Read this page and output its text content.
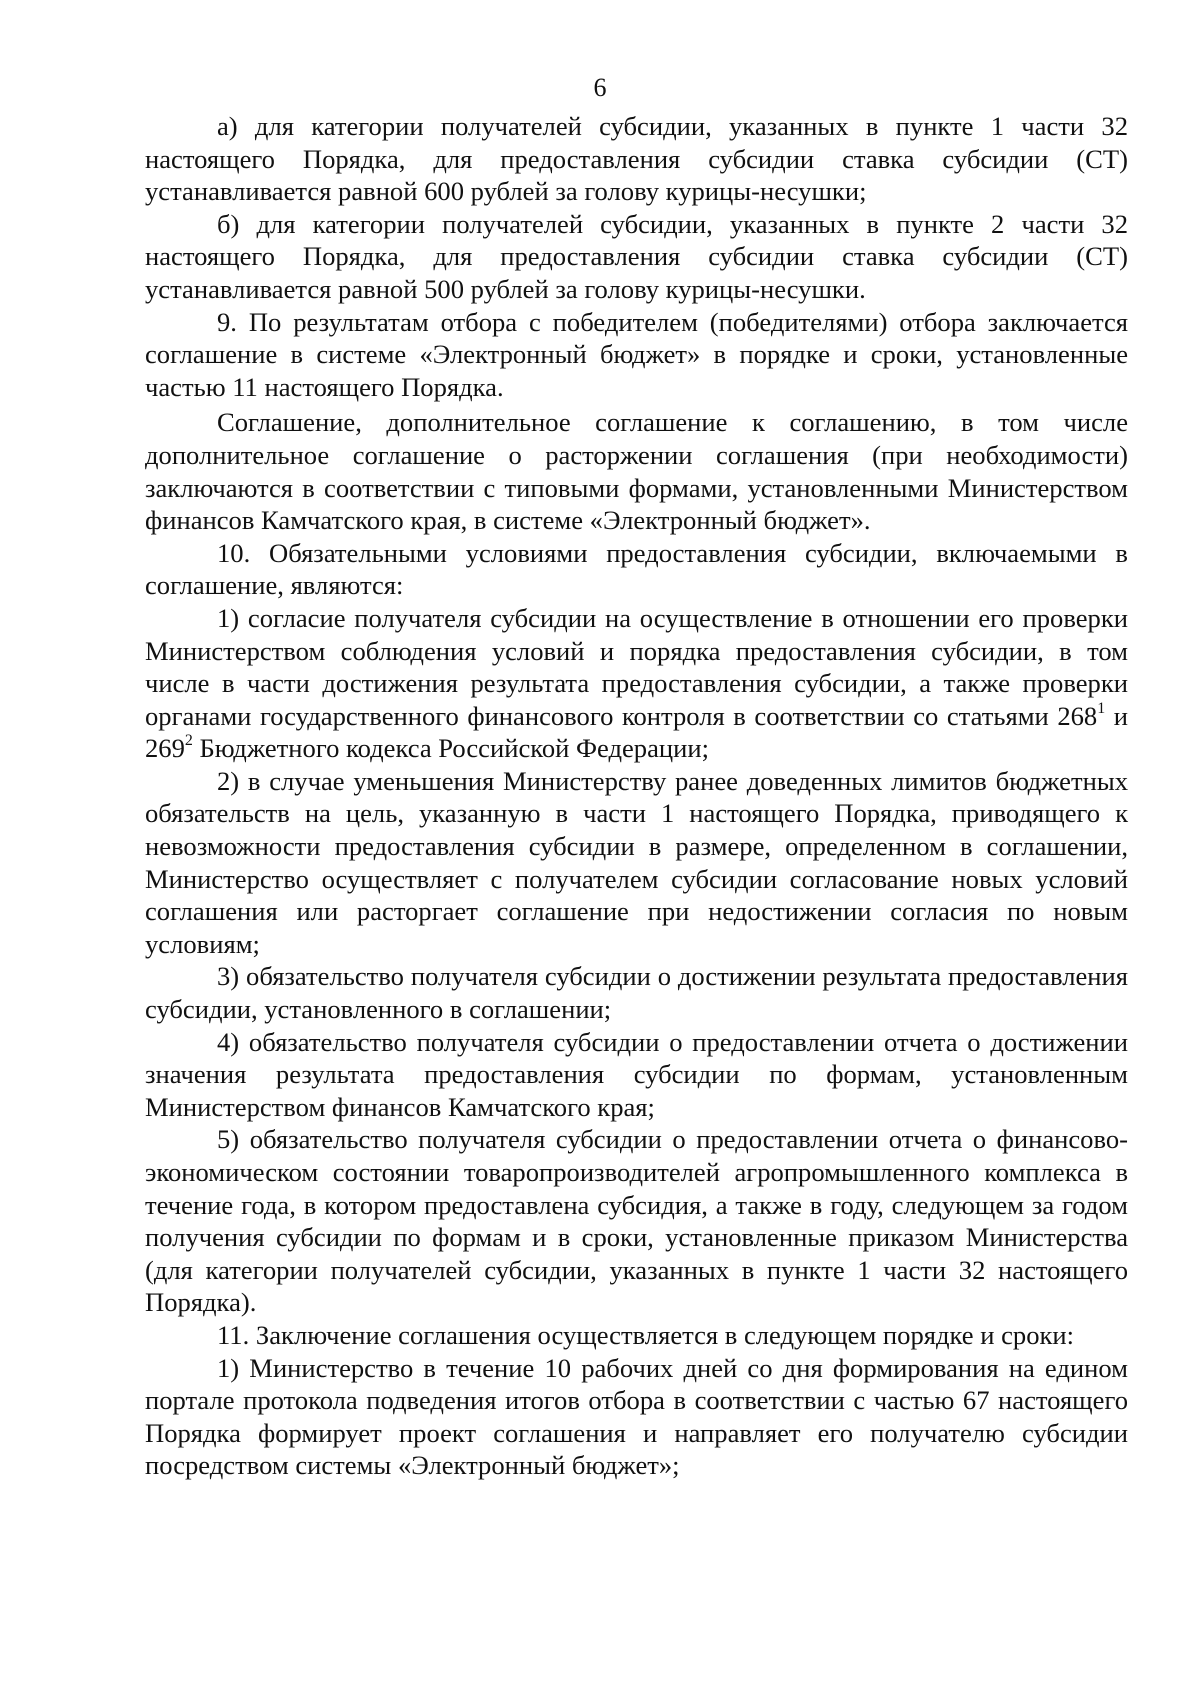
6

а) для категории получателей субсидии, указанных в пункте 1 части 32 настоящего Порядка, для предоставления субсидии ставка субсидии (СТ) устанавливается равной 600 рублей за голову курицы-несушки;

б) для категории получателей субсидии, указанных в пункте 2 части 32 настоящего Порядка, для предоставления субсидии ставка субсидии (СТ) устанавливается равной 500 рублей за голову курицы-несушки.

9. По результатам отбора с победителем (победителями) отбора заключается соглашение в системе «Электронный бюджет» в порядке и сроки, установленные частью 11 настоящего Порядка.

Соглашение, дополнительное соглашение к соглашению, в том числе дополнительное соглашение о расторжении соглашения (при необходимости) заключаются в соответствии с типовыми формами, установленными Министерством финансов Камчатского края, в системе «Электронный бюджет».

10. Обязательными условиями предоставления субсидии, включаемыми в соглашение, являются:

1) согласие получателя субсидии на осуществление в отношении его проверки Министерством соблюдения условий и порядка предоставления субсидии, в том числе в части достижения результата предоставления субсидии, а также проверки органами государственного финансового контроля в соответствии со статьями $268^1$ и $269^2$ Бюджетного кодекса Российской Федерации;

2) в случае уменьшения Министерству ранее доведенных лимитов бюджетных обязательств на цель, указанную в части 1 настоящего Порядка, приводящего к невозможности предоставления субсидии в размере, определенном в соглашении, Министерство осуществляет с получателем субсидии согласование новых условий соглашения или расторгает соглашение при недостижении согласия по новым условиям;

3) обязательство получателя субсидии о достижении результата предоставления субсидии, установленного в соглашении;

4) обязательство получателя субсидии о предоставлении отчета о достижении значения результата предоставления субсидии по формам, установленным Министерством финансов Камчатского края;

5) обязательство получателя субсидии о предоставлении отчета о финансово-экономическом состоянии товаропроизводителей агропромышленного комплекса в течение года, в котором предоставлена субсидия, а также в году, следующем за годом получения субсидии по формам и в сроки, установленные приказом Министерства (для категории получателей субсидии, указанных в пункте 1 части 32 настоящего Порядка).

11. Заключение соглашения осуществляется в следующем порядке и сроки:

1) Министерство в течение 10 рабочих дней со дня формирования на едином портале протокола подведения итогов отбора в соответствии с частью 67 настоящего Порядка формирует проект соглашения и направляет его получателю субсидии посредством системы «Электронный бюджет»;
